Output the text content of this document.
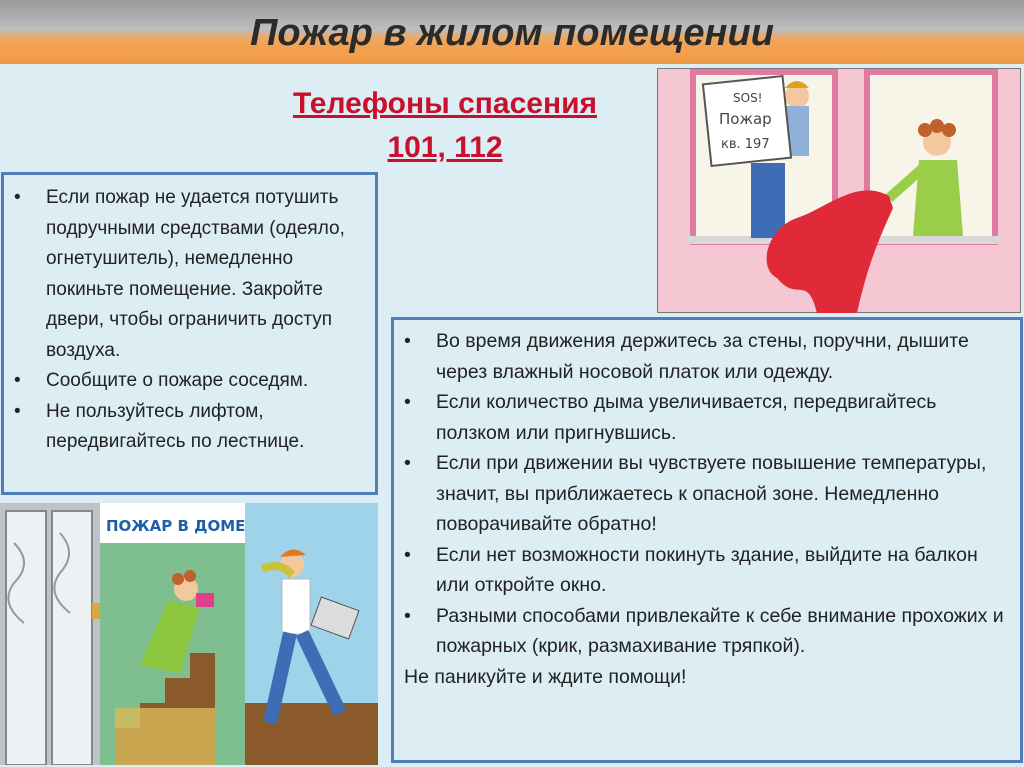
Пожар в жилом помещении
Телефоны спасения
101, 112
• Если пожар не удается потушить подручными средствами (одеяло, огнетушитель), немедленно покиньте помещение. Закройте двери, чтобы ограничить доступ воздуха.
• Сообщите о пожаре соседям.
• Не пользуйтесь лифтом, передвигайтесь по лестнице.
• Во время движения держитесь за стены, поручни, дышите через влажный носовой платок или одежду.
• Если количество дыма увеличивается, передвигайтесь ползком или пригнувшись.
• Если при движении вы чувствуете повышение температуры, значит, вы приближаетесь к опасной зоне. Немедленно поворачивайте обратно!
• Если нет возможности покинуть здание, выйдите на балкон или откройте окно.
• Разными способами привлекайте к себе внимание прохожих и пожарных (крик, размахивание тряпкой).
Не паникуйте и ждите помощи!
SOS!
Пожар
кв. 197
ПОЖАР В ДОМЕ
